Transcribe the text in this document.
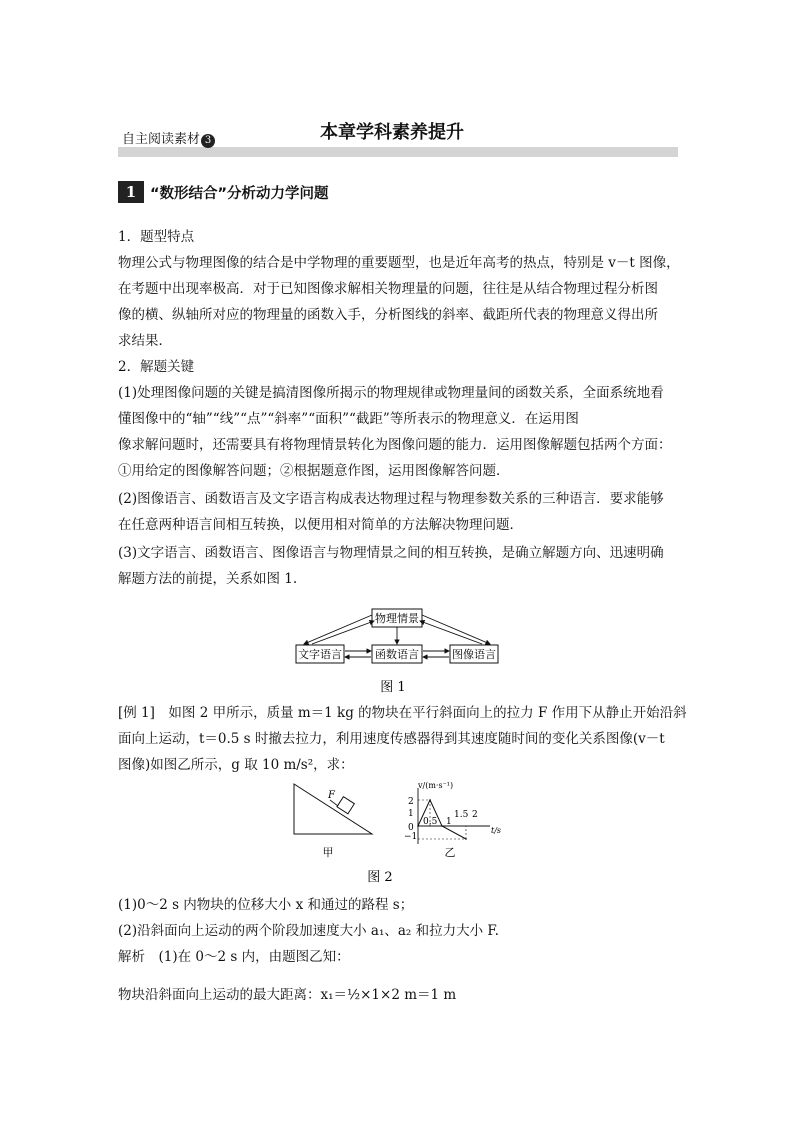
自主阅读素材 3	本章学科素养提升
1 “数形结合”分析动力学问题
1．题型特点
物理公式与物理图像的结合是中学物理的重要题型，也是近年高考的热点，特别是 v－t 图像，
在考题中出现率极高．对于已知图像求解相关物理量的问题，往往是从结合物理过程分析图
像的横、纵轴所对应的物理量的函数入手，分析图线的斜率、截距所代表的物理意义得出所
求结果．
2．解题关键
(1)处理图像问题的关键是搞清图像所揭示的物理规律或物理量间的函数关系，全面系统地看
懂图像中的“轴”“线”“点”“斜率”“面积”“截距”等所表示的物理意义．在运用图
像求解问题时，还需要具有将物理情景转化为图像问题的能力．运用图像解题包括两个方面：
①用给定的图像解答问题；②根据题意作图，运用图像解答问题．
(2)图像语言、函数语言及文字语言构成表达物理过程与物理参数关系的三种语言．要求能够
在任意两种语言间相互转换，以便用相对简单的方法解决物理问题．
(3)文字语言、函数语言、图像语言与物理情景之间的相互转换，是确立解题方向、迅速明确
解题方法的前提，关系如图 1.
物理情景
文字语言	函数语言	图像语言
图 1
[例 1]　如图 2 甲所示，质量 m＝1 kg 的物块在平行斜面向上的拉力 F 作用下从静止开始沿斜
面向上运动，t＝0.5 s 时撤去拉力，利用速度传感器得到其速度随时间的变化关系图像(v－t
图像)如图乙所示，g 取 10 m/s²，求：
F
甲
v/(m·s⁻¹)
t/s
2
1
0
−1
0.5 1
1.5 2
乙
图 2
(1)0～2 s 内物块的位移大小 x 和通过的路程 s；
(2)沿斜面向上运动的两个阶段加速度大小 a₁、a₂ 和拉力大小 F.
解析　(1)在 0～2 s 内，由题图乙知：
物块沿斜面向上运动的最大距离：x₁＝½×1×2 m＝1 m
